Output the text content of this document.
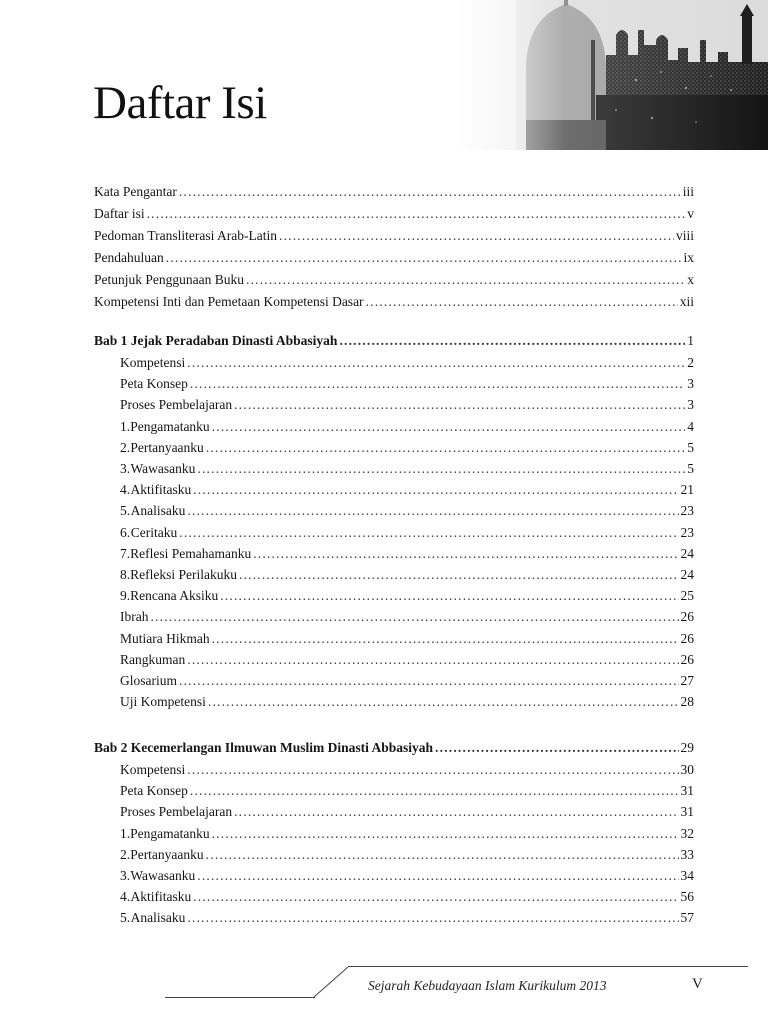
Daftar Isi
Kata Pengantar .....	iii
Daftar isi .....	v
Pedoman Transliterasi Arab-Latin .....	viii
Pendahuluan .....	ix
Petunjuk Penggunaan Buku .....	x
Kompetensi Inti dan Pemetaan Kompetensi Dasar .....	xii
Bab 1 Jejak Peradaban Dinasti Abbasiyah .....	1
Kompetensi .....	2
Peta Konsep .....	3
Proses Pembelajaran .....	3
1. Pengamatanku .....	4
2. Pertanyaanku .....	5
3. Wawasanku .....	5
4. Aktifitasku .....	21
5. Analisaku .....	23
6. Ceritaku .....	23
7. Reflesi Pemahamanku .....	24
8. Refleksi Perilakuku .....	24
9. Rencana Aksiku .....	25
Ibrah .....	26
Mutiara Hikmah .....	26
Rangkuman .....	26
Glosarium .....	27
Uji Kompetensi .....	28
Bab 2 Kecemerlangan Ilmuwan Muslim Dinasti Abbasiyah .....	29
Kompetensi .....	30
Peta Konsep .....	31
Proses Pembelajaran .....	31
1. Pengamatanku .....	32
2. Pertanyaanku .....	33
3. Wawasanku .....	34
4. Aktifitasku .....	56
5. Analisaku .....	57
Sejarah Kebudayaan Islam Kurikulum 2013	V
